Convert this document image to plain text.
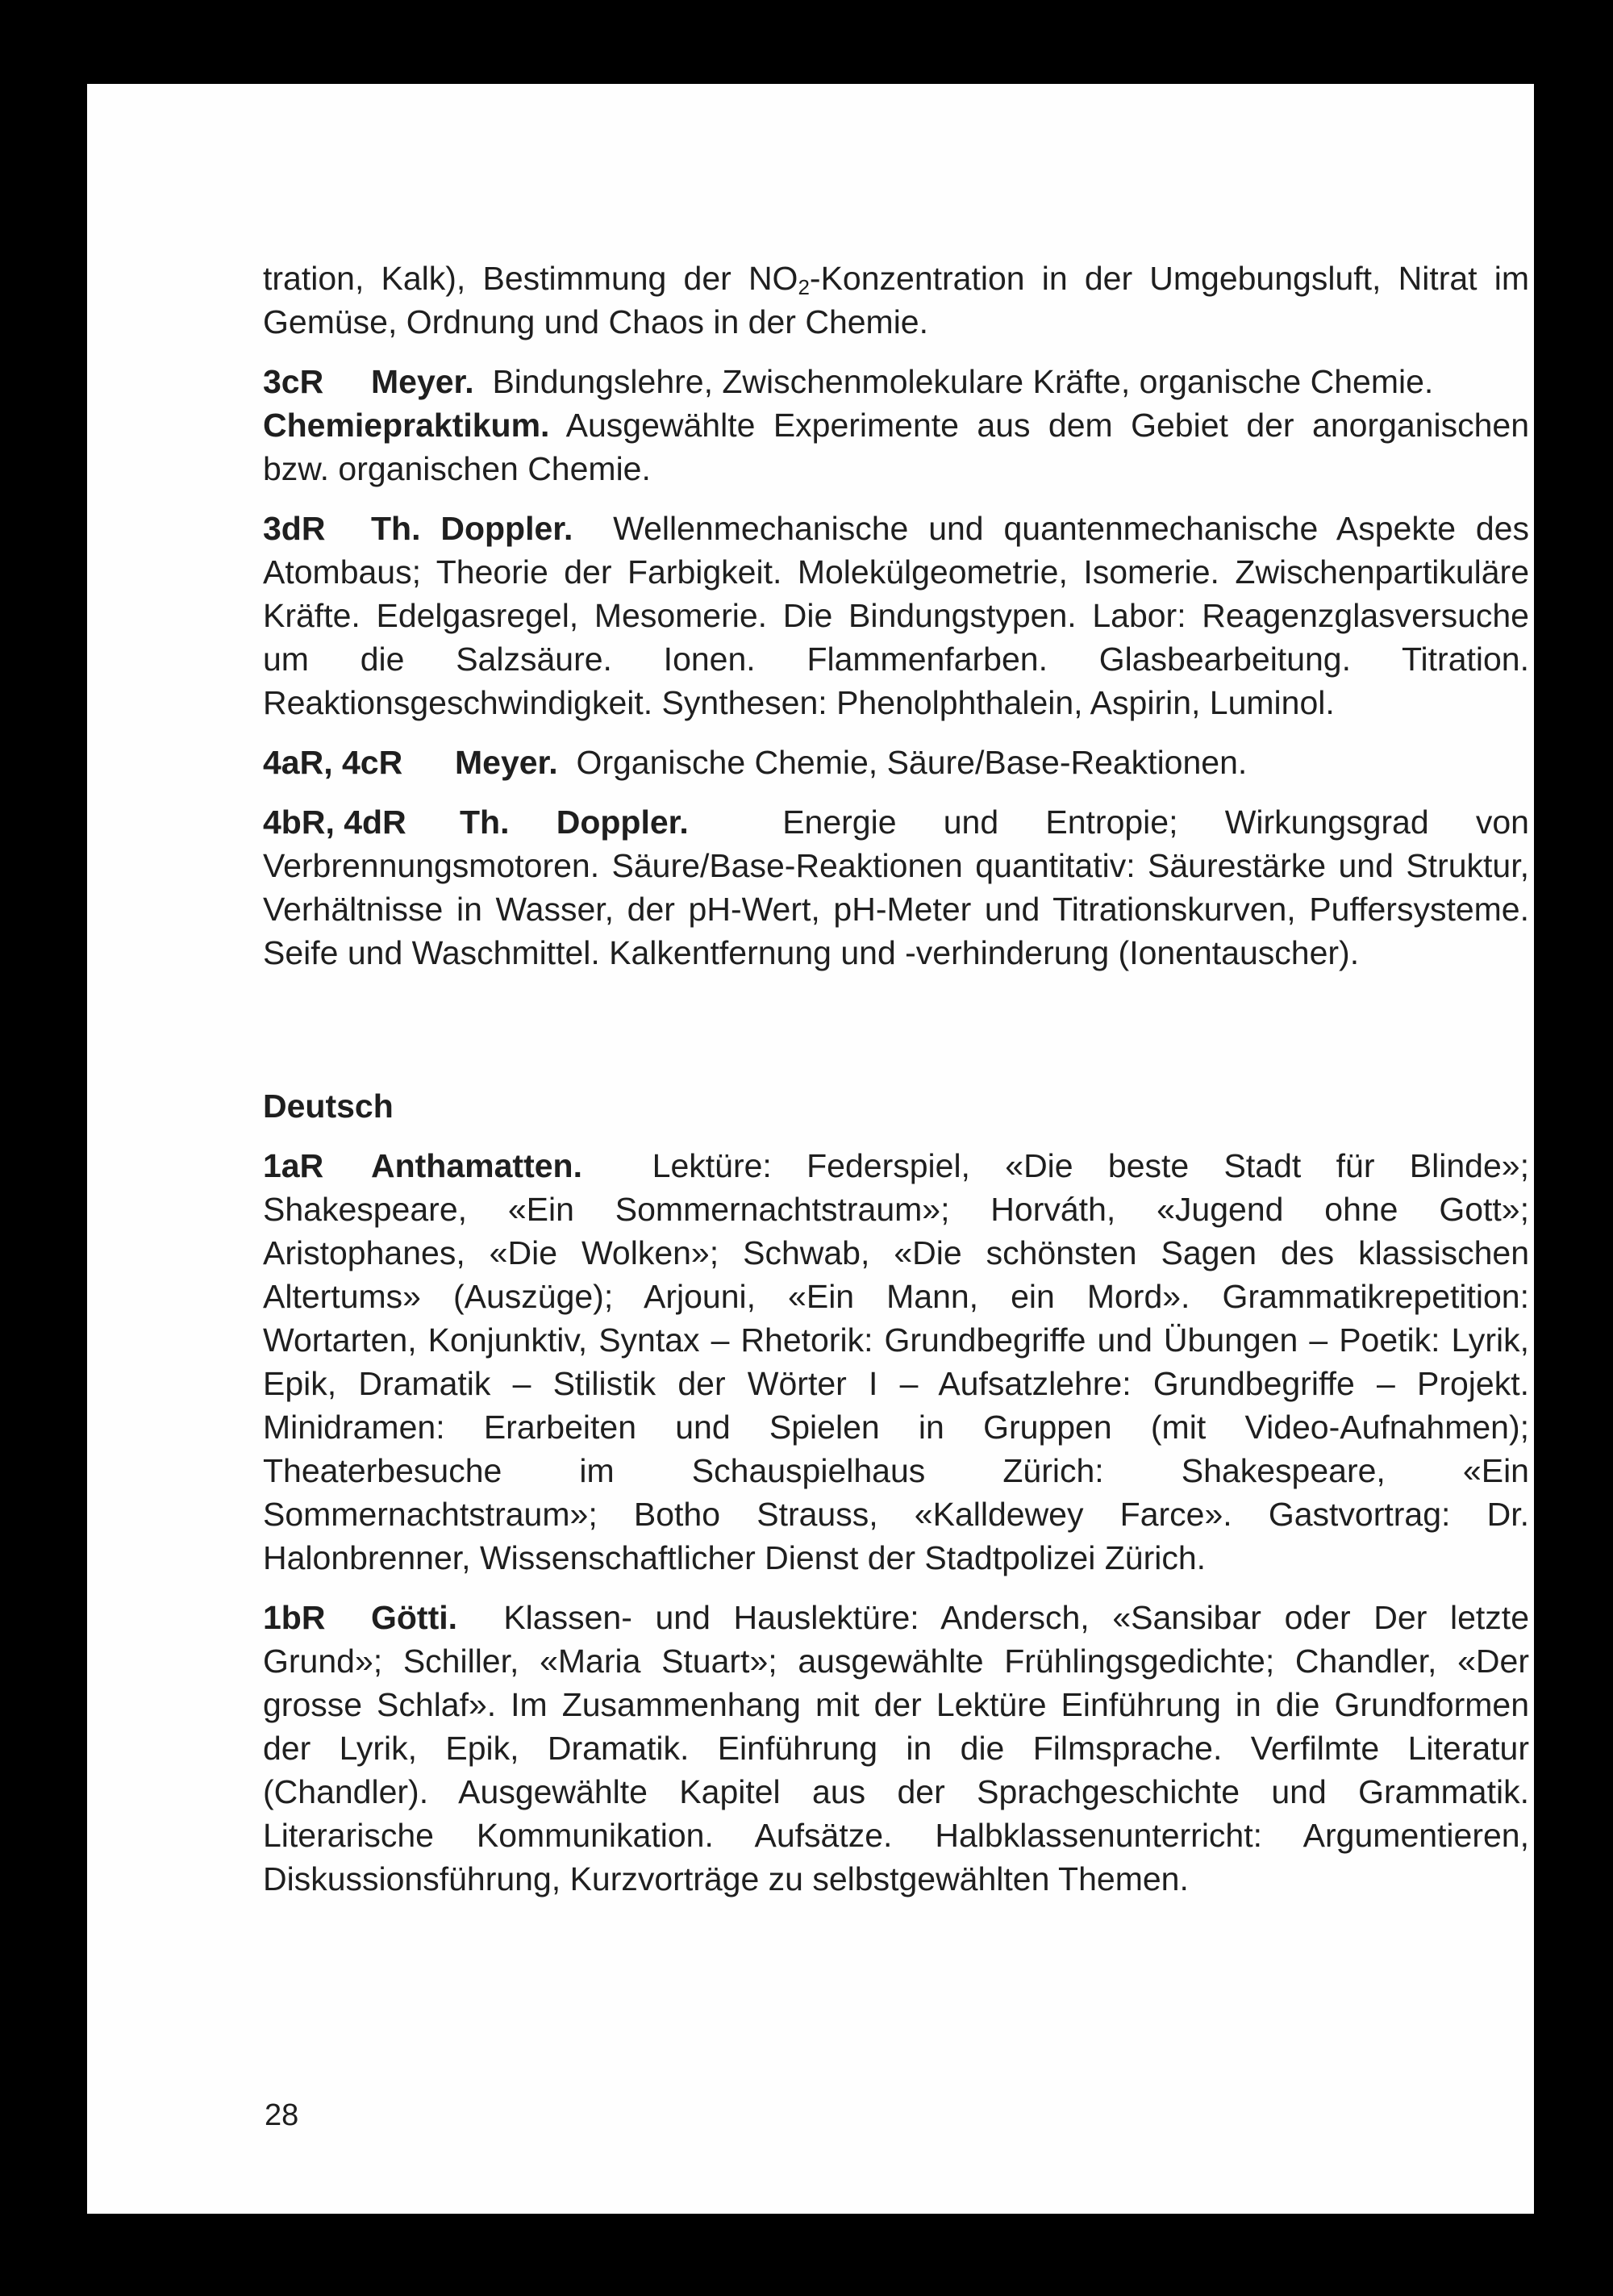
tration, Kalk), Bestimmung der $NO_2$-Konzentration in der Umgebungsluft, Nitrat im Gemüse, Ordnung und Chaos in der Chemie.

3cR Meyer. Bindungslehre, Zwischenmolekulare Kräfte, organische Chemie.
Chemiepraktikum. Ausgewählte Experimente aus dem Gebiet der anorganischen bzw. organischen Chemie.

3dR Th. Doppler. Wellenmechanische und quantenmechanische Aspekte des Atombaus; Theorie der Farbigkeit. Molekülgeometrie, Isomerie. Zwischenpartikuläre Kräfte. Edelgasregel, Mesomerie. Die Bindungstypen. Labor: Reagenzglasversuche um die Salzsäure. Ionen. Flammenfarben. Glasbearbeitung. Titration. Reaktionsgeschwindigkeit. Synthesen: Phenolphthalein, Aspirin, Luminol.

4aR, 4cR Meyer. Organische Chemie, Säure/Base-Reaktionen.

4bR, 4dR Th. Doppler.	Energie und Entropie; Wirkungsgrad von Verbrennungsmotoren. Säure/Base-Reaktionen quantitativ: Säurestärke und Struktur, Verhältnisse in Wasser, der pH-Wert, pH-Meter und Titrationskurven, Puffersysteme. Seife und Waschmittel. Kalkentfernung und -verhinderung (Ionentauscher).

Deutsch

1aR Anthamatten. Lektüre: Federspiel, «Die beste Stadt für Blinde»; Shakespeare, «Ein Sommernachtstraum»; Horváth, «Jugend ohne Gott»; Aristophanes, «Die Wolken»; Schwab, «Die schönsten Sagen des klassischen Altertums» (Auszüge); Arjouni, «Ein Mann, ein Mord». Grammatikrepetition: Wortarten, Konjunktiv, Syntax – Rhetorik: Grundbegriffe und Übungen – Poetik: Lyrik, Epik, Dramatik – Stilistik der Wörter I – Aufsatzlehre: Grundbegriffe – Projekt. Minidramen: Erarbeiten und Spielen in Gruppen (mit Video-Aufnahmen); Theaterbesuche im Schauspielhaus Zürich: Shakespeare, «Ein Sommernachtstraum»; Botho Strauss, «Kalldewey Farce». Gastvortrag: Dr. Halonbrenner, Wissenschaftlicher Dienst der Stadtpolizei Zürich.

1bR Götti. Klassen- und Hauslektüre: Andersch, «Sansibar oder Der letzte Grund»; Schiller, «Maria Stuart»; ausgewählte Frühlingsgedichte; Chandler, «Der grosse Schlaf». Im Zusammenhang mit der Lektüre Einführung in die Grundformen der Lyrik, Epik, Dramatik. Einführung in die Filmsprache. Verfilmte Literatur (Chandler). Ausgewählte Kapitel aus der Sprachgeschichte und Grammatik. Literarische Kommunikation. Aufsätze. Halbklassenunterricht: Argumentieren, Diskussionsführung, Kurzvorträge zu selbstgewählten Themen.

28
